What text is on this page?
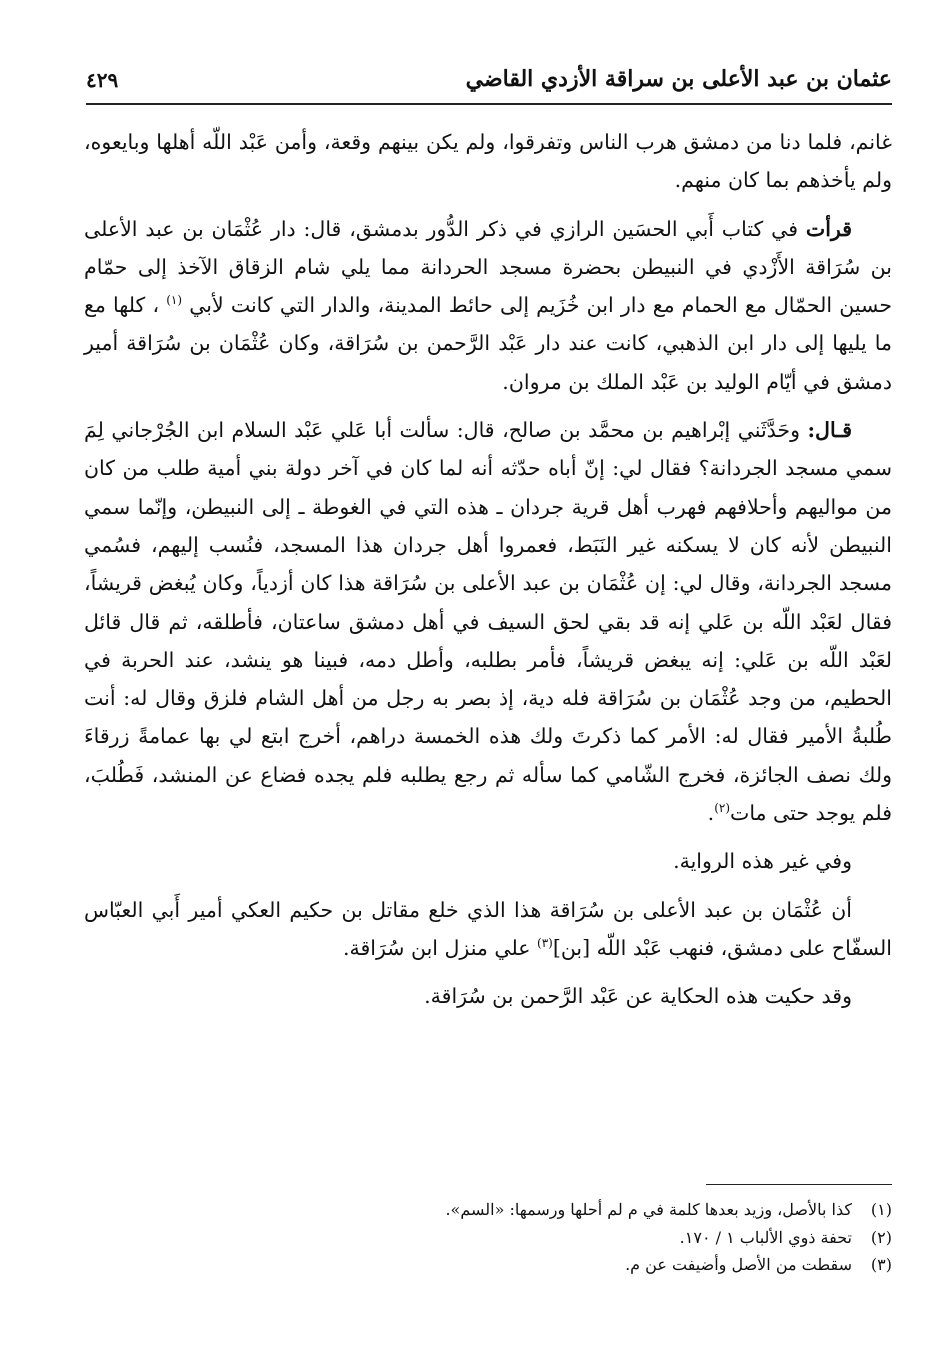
عثمان بن عبد الأعلى بن سراقة الأزدي القاضي
٤٢٩

غانم، فلما دنا من دمشق هرب الناس وتفرقوا، ولم يكن بينهم وقعة، وأمن عَبْد اللّه أهلها وبايعوه، ولم يأخذهم بما كان منهم.

قرأت في كتاب أَبي الحسَين الرازي في ذكر الدُّور بدمشق، قال: دار عُثْمَان بن عبد الأعلى بن سُرَاقة الأَزْدي في النبيطن بحضرة مسجد الحردانة مما يلي شام الزقاق الآخذ إلى حمّام حسين الحمّال مع الحمام مع دار ابن خُزَيم إلى حائط المدينة، والدار التي كانت لأبي $^{(١)}$ ، كلها مع ما يليها إلى دار ابن الذهبي، كانت عند دار عَبْد الرَّحمن بن سُرَاقة، وكان عُثْمَان بن سُرَاقة أمير دمشق في أيّام الوليد بن عَبْد الملك بن مروان.

قـال: وحَدَّثَني إبْراهيم بن محمَّد بن صالح، قال: سألت أبا عَلي عَبْد السلام ابن الجُرْجاني لِمَ سمي مسجد الجردانة؟ فقال لي: إنّ أباه حدّثه أنه لما كان في آخر دولة بني أمية طلب من كان من مواليهم وأحلافهم فهرب أهل قرية جردان ـ هذه التي في الغوطة ـ إلى النبيطن، وإنّما سمي النبيطن لأنه كان لا يسكنه غير النَبَط، فعمروا أهل جردان هذا المسجد، فنُسب إليهم، فسُمي مسجد الجردانة، وقال لي: إن عُثْمَان بن عبد الأعلى بن سُرَاقة هذا كان أزدياً، وكان يُبغض قريشاً، فقال لعَبْد اللّه بن عَلي إنه قد بقي لحق السيف في أهل دمشق ساعتان، فأطلقه، ثم قال قائل لعَبْد اللّه بن عَلي: إنه يبغض قريشاً، فأمر بطلبه، وأطل دمه، فبينا هو ينشد، عند الحربة في الحطيم، من وجد عُثْمَان بن سُرَاقة فله دية، إذ بصر به رجل من أهل الشام فلزق وقال له: أنت طُلبةُ الأمير فقال له: الأمر كما ذكرتَ ولك هذه الخمسة دراهم، أخرج ابتع لي بها عمامةً زرقاءَ ولك نصف الجائزة، فخرج الشّامي كما سأله ثم رجع يطلبه فلم يجده فضاع عن المنشد، فَطُلبَ، فلم يوجد حتى مات$^{(٢)}$.

وفي غير هذه الرواية.

أن عُثْمَان بن عبد الأعلى بن سُرَاقة هذا الذي خلع مقاتل بن حكيم العكي أمير أَبي العبّاس السفّاح على دمشق، فنهب عَبْد اللّه [بن]$^{(٣)}$ علي منزل ابن سُرَاقة.

وقد حكيت هذه الحكاية عن عَبْد الرَّحمن بن سُرَاقة.

(١)كذا بالأصل، وزيد بعدها كلمة في م لم أحلها ورسمها: «السم».
(٢)تحفة ذوي الألباب ١ / ١٧٠.
(٣)سقطت من الأصل وأضيفت عن م.
